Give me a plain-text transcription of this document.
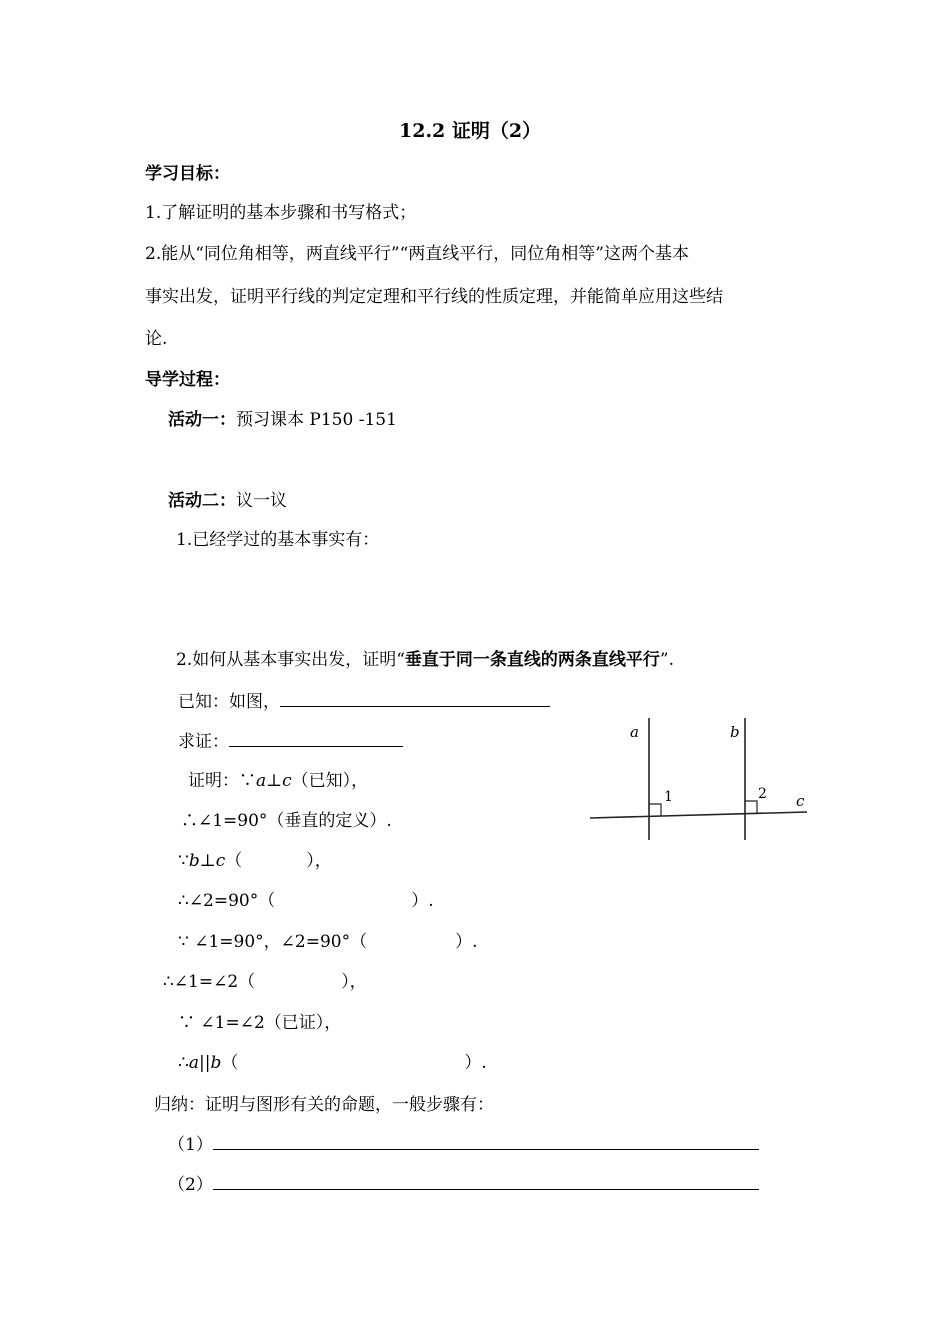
12.2 证明（2）
学习目标：
1.了解证明的基本步骤和书写格式；
2.能从“同位角相等，两直线平行”“两直线平行，同位角相等”这两个基本
事实出发，证明平行线的判定定理和平行线的性质定理，并能简单应用这些结
论.
导学过程：
活动一：预习课本 P150 -151
活动二：议一议
1.已经学过的基本事实有：
2.如何从基本事实出发，证明“垂直于同一条直线的两条直线平行”.
已知：如图，
求证：
证明：∵a⊥c（已知），
∴∠1=90°（垂直的定义）.
∵b⊥c（	），
∴∠2=90°（	）.
∵ ∠1=90°，∠2=90°（	）.
∴∠1=∠2（	），
∵ ∠1=∠2（已证），
∴a||b（	）.
归纳：证明与图形有关的命题，一般步骤有：
（1）
（2）
a	b
c
1	2
